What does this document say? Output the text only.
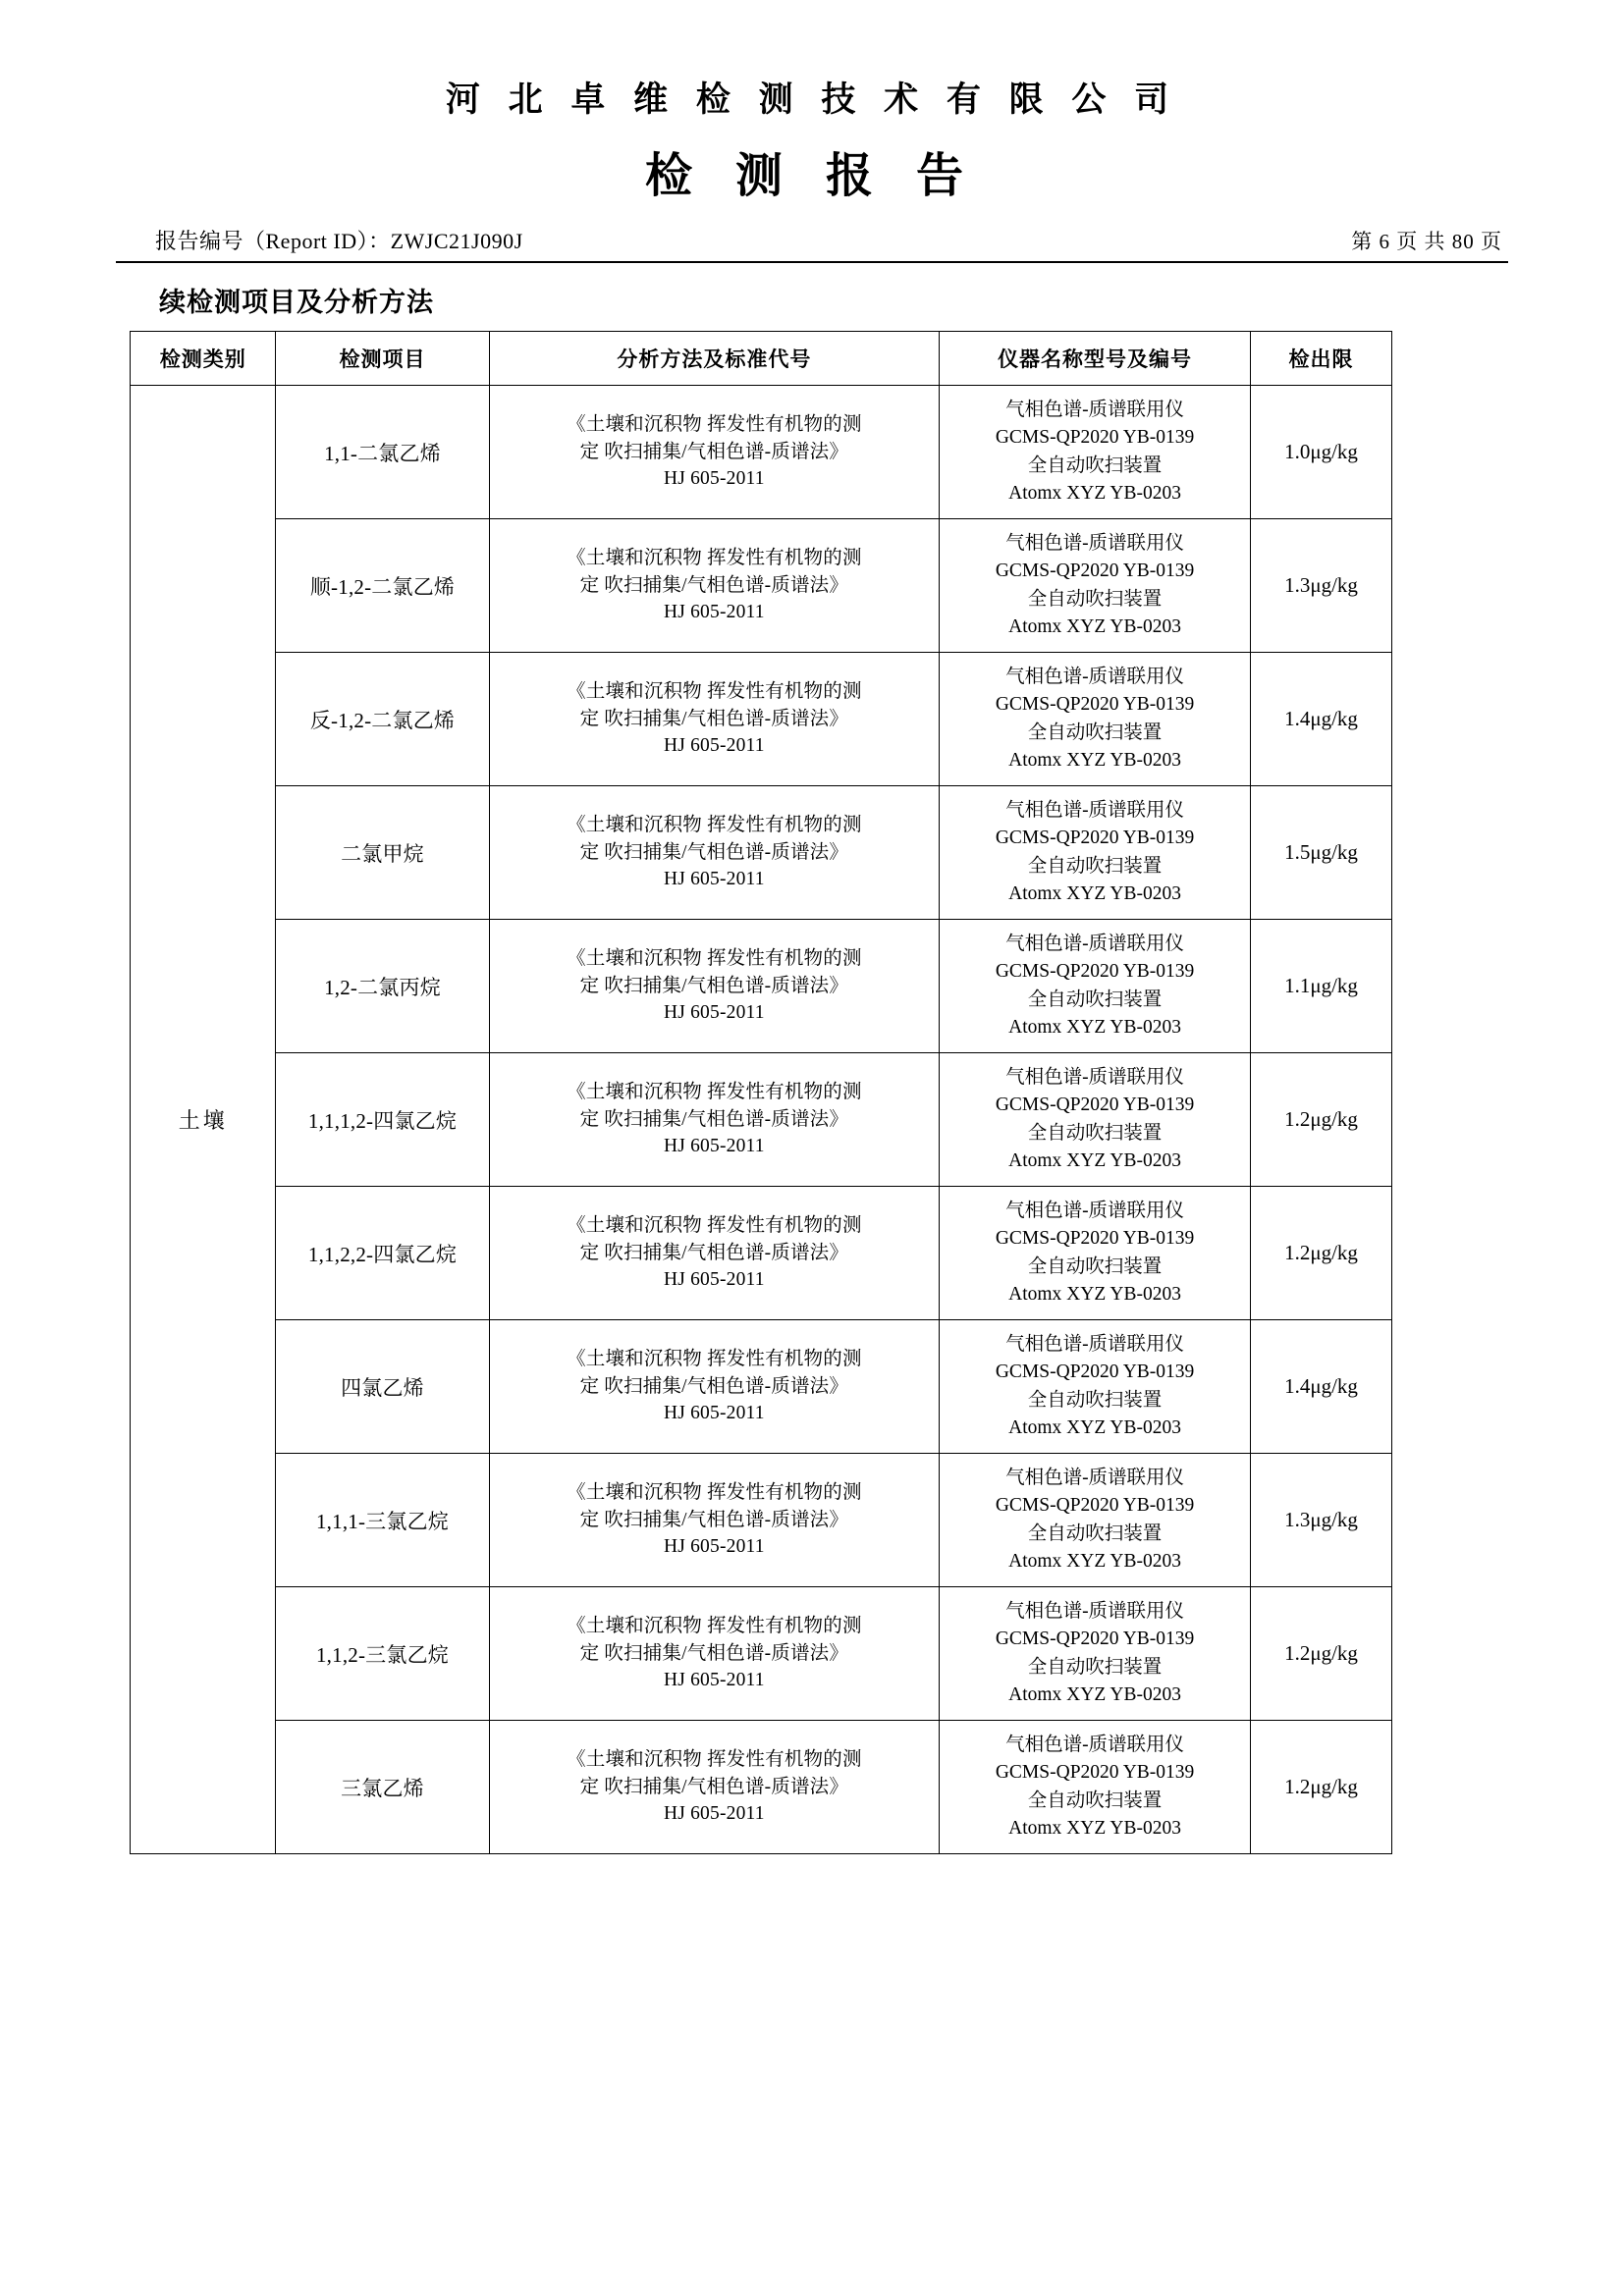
河 北 卓 维 检 测 技 术 有 限 公 司
检 测 报 告
报告编号（Report ID）：ZWJC21J090J	第 6 页 共 80 页
续检测项目及分析方法
检测类别	检测项目	分析方法及标准代号	仪器名称型号及编号	检出限
土壤	1,1-二氯乙烯	《土壤和沉积物 挥发性有机物的测
定 吹扫捕集/气相色谱-质谱法》
HJ 605-2011	气相色谱-质谱联用仪
GCMS-QP2020 YB-0139
全自动吹扫装置
Atomx XYZ YB-0203	1.0μg/kg
	顺-1,2-二氯乙烯	《土壤和沉积物 挥发性有机物的测
定 吹扫捕集/气相色谱-质谱法》
HJ 605-2011	气相色谱-质谱联用仪
GCMS-QP2020 YB-0139
全自动吹扫装置
Atomx XYZ YB-0203	1.3μg/kg
	反-1,2-二氯乙烯	《土壤和沉积物 挥发性有机物的测
定 吹扫捕集/气相色谱-质谱法》
HJ 605-2011	气相色谱-质谱联用仪
GCMS-QP2020 YB-0139
全自动吹扫装置
Atomx XYZ YB-0203	1.4μg/kg
	二氯甲烷	《土壤和沉积物 挥发性有机物的测
定 吹扫捕集/气相色谱-质谱法》
HJ 605-2011	气相色谱-质谱联用仪
GCMS-QP2020 YB-0139
全自动吹扫装置
Atomx XYZ YB-0203	1.5μg/kg
	1,2-二氯丙烷	《土壤和沉积物 挥发性有机物的测
定 吹扫捕集/气相色谱-质谱法》
HJ 605-2011	气相色谱-质谱联用仪
GCMS-QP2020 YB-0139
全自动吹扫装置
Atomx XYZ YB-0203	1.1μg/kg
	1,1,1,2-四氯乙烷	《土壤和沉积物 挥发性有机物的测
定 吹扫捕集/气相色谱-质谱法》
HJ 605-2011	气相色谱-质谱联用仪
GCMS-QP2020 YB-0139
全自动吹扫装置
Atomx XYZ YB-0203	1.2μg/kg
	1,1,2,2-四氯乙烷	《土壤和沉积物 挥发性有机物的测
定 吹扫捕集/气相色谱-质谱法》
HJ 605-2011	气相色谱-质谱联用仪
GCMS-QP2020 YB-0139
全自动吹扫装置
Atomx XYZ YB-0203	1.2μg/kg
	四氯乙烯	《土壤和沉积物 挥发性有机物的测
定 吹扫捕集/气相色谱-质谱法》
HJ 605-2011	气相色谱-质谱联用仪
GCMS-QP2020 YB-0139
全自动吹扫装置
Atomx XYZ YB-0203	1.4μg/kg
	1,1,1-三氯乙烷	《土壤和沉积物 挥发性有机物的测
定 吹扫捕集/气相色谱-质谱法》
HJ 605-2011	气相色谱-质谱联用仪
GCMS-QP2020 YB-0139
全自动吹扫装置
Atomx XYZ YB-0203	1.3μg/kg
	1,1,2-三氯乙烷	《土壤和沉积物 挥发性有机物的测
定 吹扫捕集/气相色谱-质谱法》
HJ 605-2011	气相色谱-质谱联用仪
GCMS-QP2020 YB-0139
全自动吹扫装置
Atomx XYZ YB-0203	1.2μg/kg
	三氯乙烯	《土壤和沉积物 挥发性有机物的测
定 吹扫捕集/气相色谱-质谱法》
HJ 605-2011	气相色谱-质谱联用仪
GCMS-QP2020 YB-0139
全自动吹扫装置
Atomx XYZ YB-0203	1.2μg/kg
